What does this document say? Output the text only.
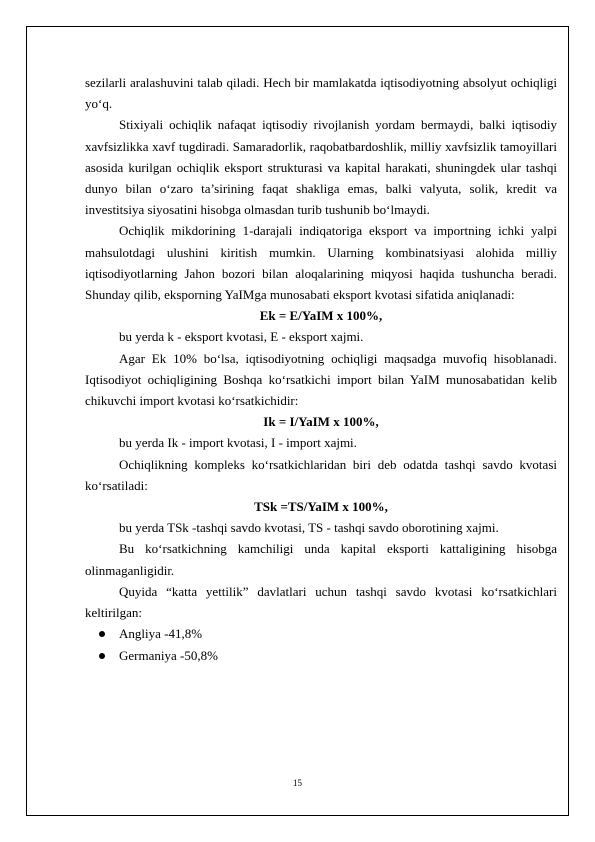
sezilarli aralashuvini talab qiladi. Hech bir mamlakatda iqtisodiyotning absolyut ochiqligi yo‘q.

Stixiyali ochiqlik nafaqat iqtisodiy rivojlanish yordam bermaydi, balki iqtisodiy xavfsizlikka xavf tugdiradi. Samaradorlik, raqobatbardoshlik, milliy xavfsizlik tamoyillari asosida kurilgan ochiqlik eksport strukturasi va kapital harakati, shuningdek ular tashqi dunyo bilan o‘zaro ta’sirining faqat shakliga emas, balki valyuta, solik, kredit va investitsiya siyosatini hisobga olmasdan turib tushunib bo‘lmaydi.

Ochiqlik mikdorining 1-darajali indiqatoriga eksport va importning ichki yalpi mahsulotdagi ulushini kiritish mumkin. Ularning kombinatsiyasi alohida milliy iqtisodiyotlarning Jahon bozori bilan aloqalarining miqyosi haqida tushuncha beradi. Shunday qilib, eksporning YaIMga munosabati eksport kvotasi sifatida aniqlanadi:

Ek = E/YaIM x 100%,

bu yerda k - eksport kvotasi, E - eksport xajmi.

Agar Ek 10% bo‘lsa, iqtisodiyotning ochiqligi maqsadga muvofiq hisoblanadi. Iqtisodiyot ochiqligining Boshqa ko‘rsatkichi import bilan YaIM munosabatidan kelib chikuvchi import kvotasi ko‘rsatkichidir:

Ik = I/YaIM x 100%,

bu yerda Ik - import kvotasi, I - import xajmi.

Ochiqlikning kompleks ko‘rsatkichlaridan biri deb odatda tashqi savdo kvotasi ko‘rsatiladi:

TSk =TS/YaIM x 100%,

bu yerda TSk -tashqi savdo kvotasi, TS - tashqi savdo oborotining xajmi.

Bu ko‘rsatkichning kamchiligi unda kapital eksporti kattaligining hisobga olinmaganligidir.

Quyida “katta yettilik” davlatlari uchun tashqi savdo kvotasi ko‘rsatkichlari keltirilgan:

Angliya -41,8%
Germaniya -50,8%
15
